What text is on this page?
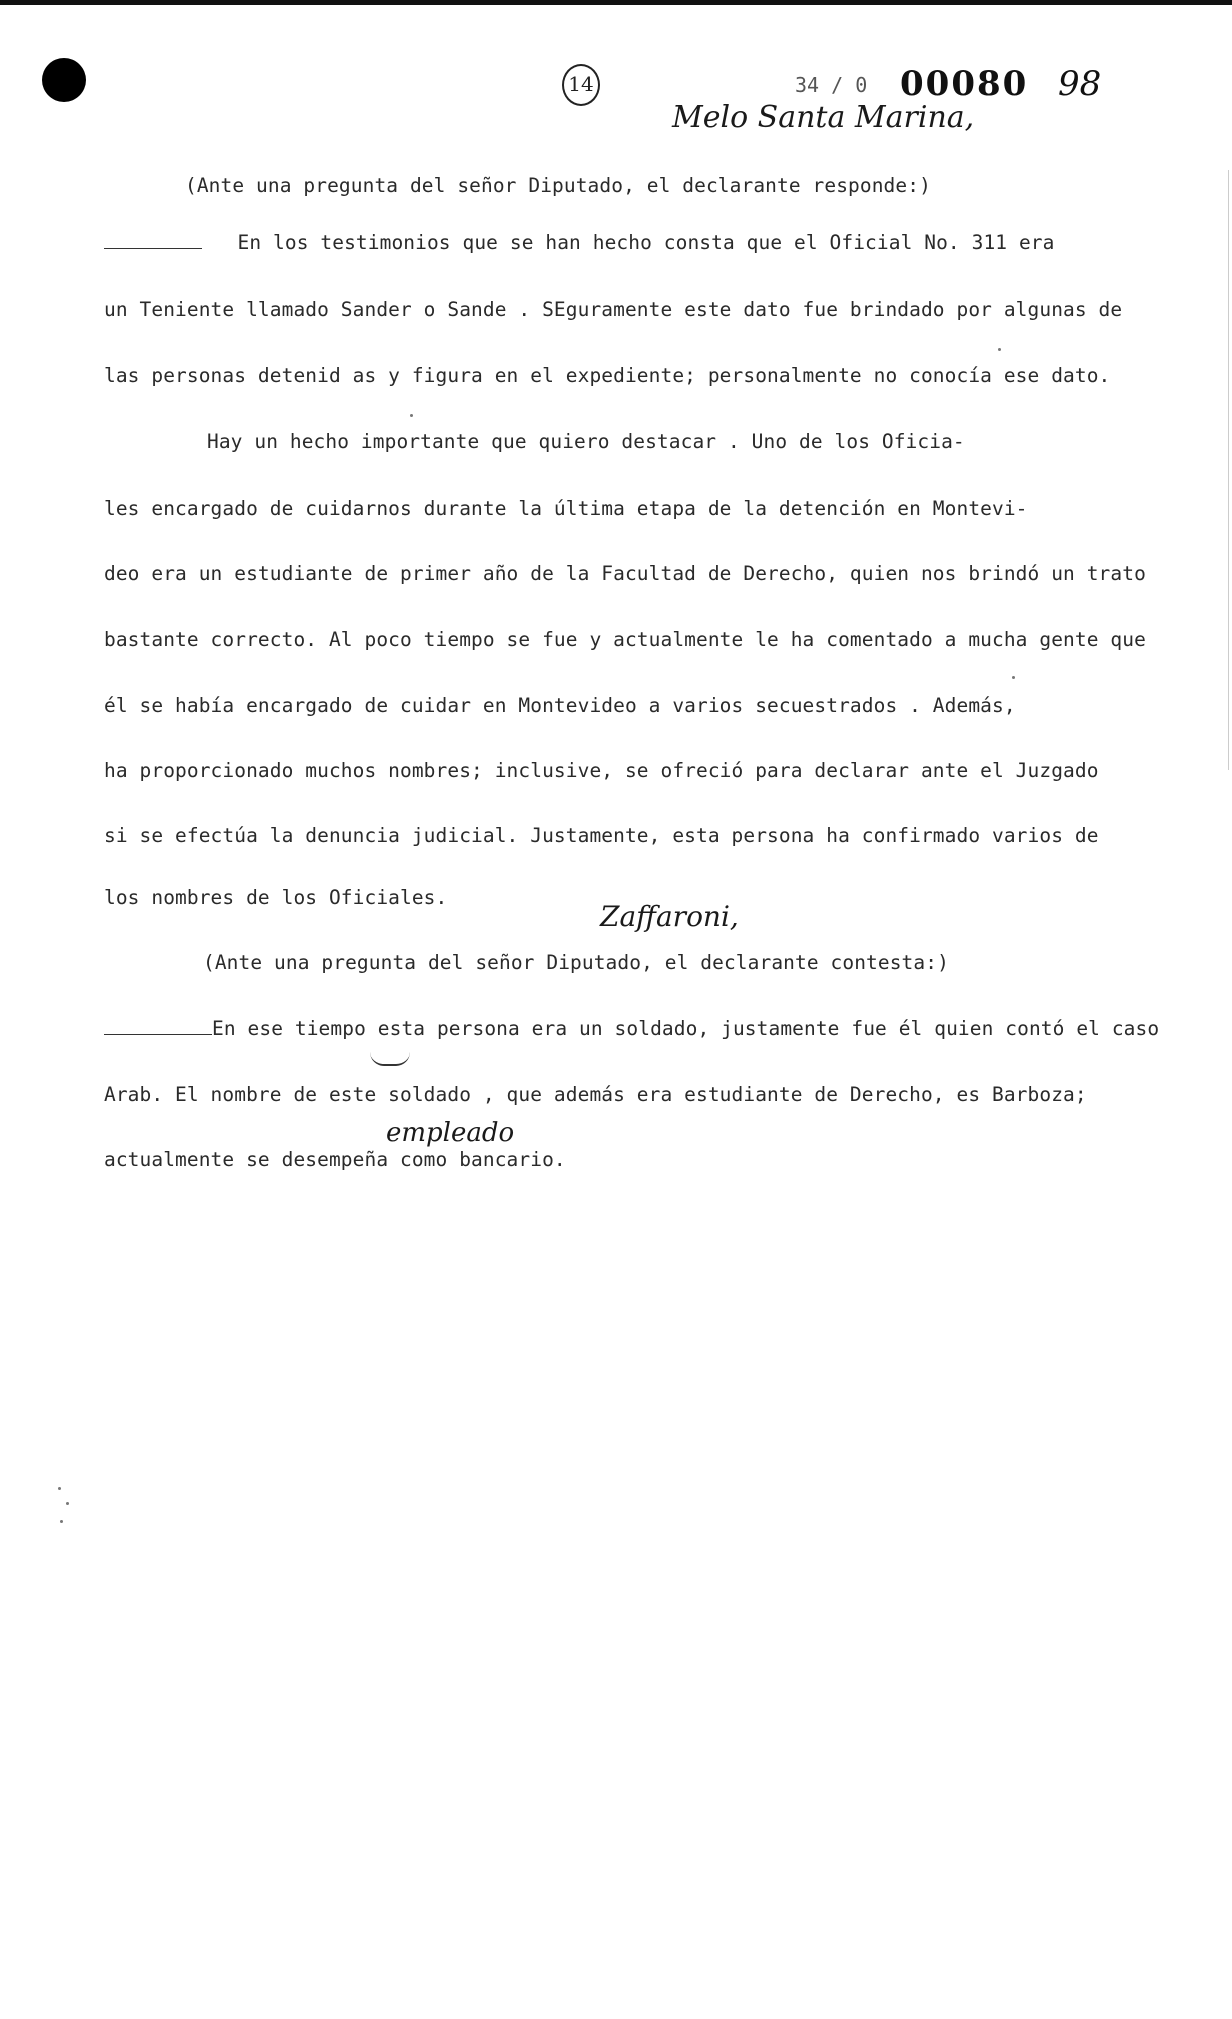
14	34 / 0 00080 98
Melo Santa Marina,
(Ante una pregunta del señor Diputado, el declarante responde:)
En los testimonios que se han hecho consta que el Oficial No. 311 era
un Teniente llamado Sander o Sande . SEguramente este dato fue brindado por algunas de
las personas detenid as y figura en el expediente; personalmente no conocía ese dato.
Hay un hecho importante que quiero destacar . Uno de los Oficia-
les encargado de cuidarnos durante la última etapa de la detención en Montevi-
deo era un estudiante de primer año de la Facultad de Derecho, quien nos brindó un trato
bastante correcto. Al poco tiempo se fue y actualmente le ha comentado a mucha gente que
él se había encargado de cuidar en Montevideo a varios secuestrados . Además,
ha proporcionado muchos nombres; inclusive, se ofreció para declarar ante el Juzgado
si se efectúa la denuncia judicial. Justamente, esta persona ha confirmado varios de
los nombres de los Oficiales.
Zaffaroni,
(Ante una pregunta del señor Diputado, el declarante contesta:)
En ese tiempo esta persona era un soldado, justamente fue él quien contó el caso
Arab. El nombre de este soldado , que además era estudiante de Derecho, es Barboza;
empleado
actualmente se desempeña como bancario.
